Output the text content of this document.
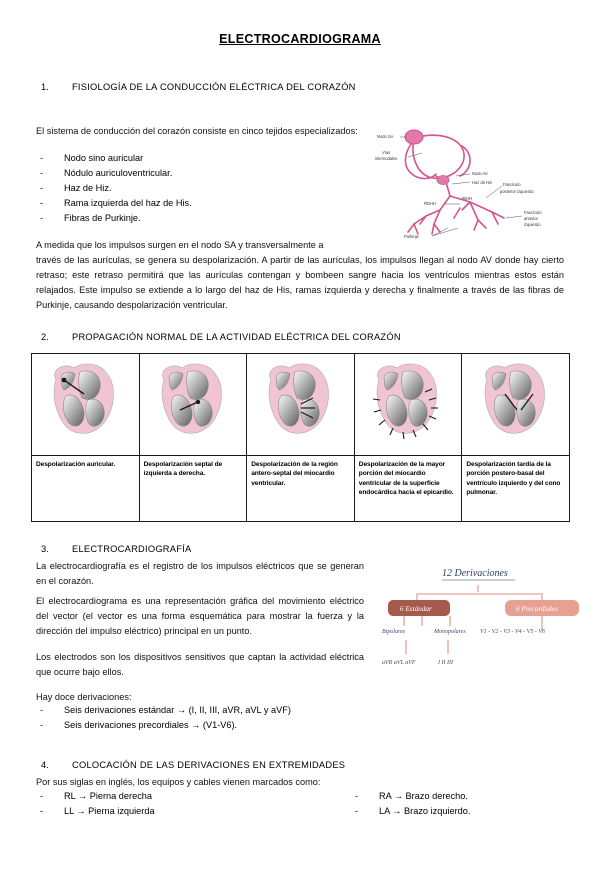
ELECTROCARDIOGRAMA
1.	FISIOLOGÍA DE LA CONDUCCIÓN ELÉCTRICA DEL CORAZÓN

El sistema de conducción del corazón consiste en cinco tejidos especializados:

-	Nodo sino auricular
-	Nódulo auriculoventricular.
-	Haz de Hiz.
-	Rama izquierda del haz de His.
-	Fibras de Purkinje.

A medida que los impulsos surgen en el nodo SA y transversalmente a

través de las aurículas, se genera su despolarización. A partir de las aurículas, los impulsos llegan al nodo AV donde hay cierto retraso; este retraso permitirá que las aurículas contengan y bombeen sangre hacia los ventrículos mientras estos están relajados. Este impulso se extiende a lo largo del haz de His, ramas izquierda y derecha y finalmente a través de las fibras de Purkinje, causando despolarización ventricular.

Nodo SA
Vías
internodales
Nodo AV
Haz de His	Fascículo
posterior izquierdo
RDHH
RIHH
Fascículo
anterior
izquierdo
Purkinje
2.	PROPAGACIÓN NORMAL DE LA ACTIVIDAD ELÉCTRICA DEL CORAZÓN

Despolarización auricular.	Despolarización septal de izquierda a derecha.	Despolarización de la región antero-septal del miocardio ventricular.	Despolarización de la mayor porción del miocardio ventricular de la superficie endocárdica hacia el epicardio.	Despolarización tardía de la porción postero-basal del ventrículo izquierdo y del cono pulmonar.
3.	ELECTROCARDIOGRAFÍA

La electrocardiografía es el registro de los impulsos eléctricos que se generan en el corazón.

El electrocardiograma es una representación gráfica del movimiento eléctrico del vector (el vector es una forma esquemática para mostrar la fuerza y la dirección del impulso eléctrico) principal en un punto.

Los electrodos son los dispositivos sensitivos que captan la actividad eléctrica que ocurre bajo ellos.

Hay doce derivaciones:

-	Seis derivaciones estándar → (I, II, III, aVR, aVL y aVF)
-	Seis derivaciones precordiales → (V1-V6).
12 Derivaciones
6 Estándar	6 Precordiales
Bipolares	Monopolares V1 - V2 - V3 - V4 - V5 - V6
aVR aVL aVF	I II III
4.	COLOCACIÓN DE LAS DERIVACIONES EN EXTREMIDADES

Por sus siglas en inglés, los equipos y cables vienen marcados como:

-	RL → Pierna derecha
-	LL → Pierna izquierda
-	RA → Brazo derecho.
-	LA → Brazo izquierdo.
